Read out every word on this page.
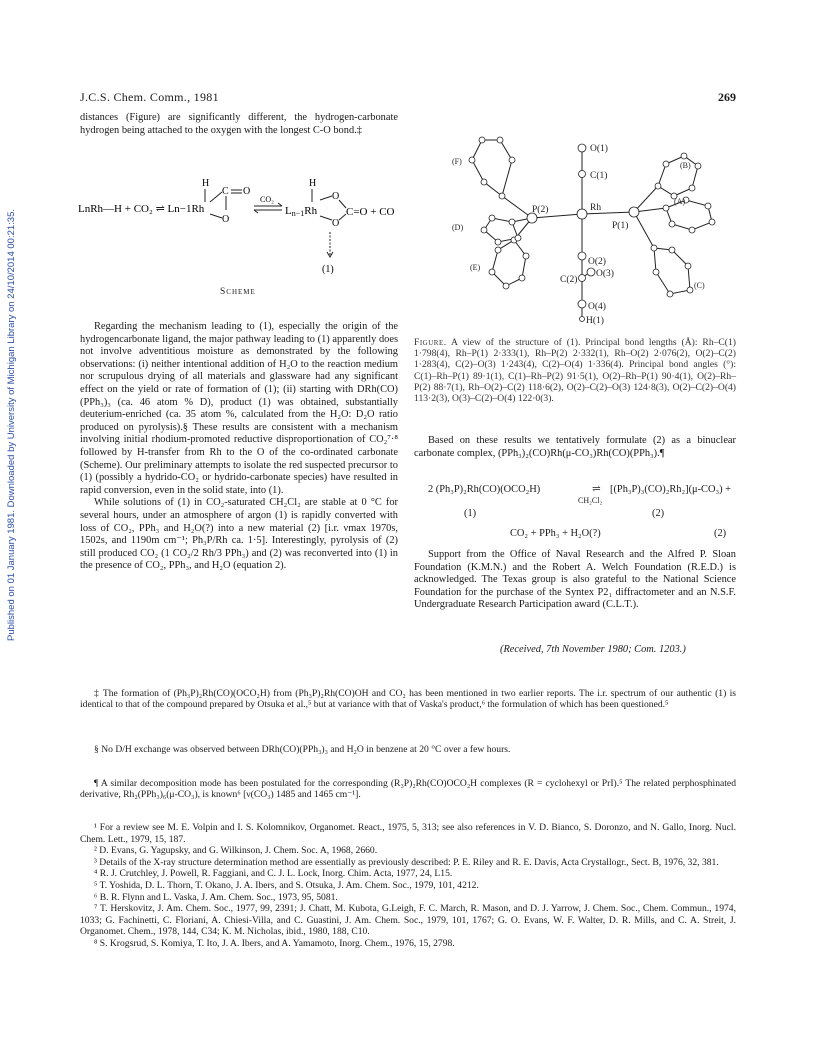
Published on 01 January 1981. Downloaded by University of Michigan Library on 24/10/2014 00:21:35.
J.C.S. Chem. Comm., 1981	269

distances (Figure) are significantly different, the hydrogen-carbonate hydrogen being attached to the oxygen with the longest C-O bond.‡

LnRh—H + CO₂ ⇌ Ln−1Rh
H
C O
O
CO₂
Ln−1Rh
H
O
O
C=O + CO
(1)
Scheme

Regarding the mechanism leading to (1), especially the origin of the hydrogencarbonate ligand, the major pathway leading to (1) apparently does not involve adventitious moisture as demonstrated by the following observations: (i) neither intentional addition of H₂O to the reaction medium nor scrupulous drying of all materials and glassware had any significant effect on the yield or rate of formation of (1); (ii) starting with DRh(CO)(PPh₃)₃ (ca. 46 atom % D), product (1) was obtained, substantially deuterium-enriched (ca. 35 atom %, calculated from the H₂O: D₂O ratio produced on pyrolysis).§ These results are consistent with a mechanism involving initial rhodium-promoted reductive disproportionation of CO₂⁷·⁸ followed by H-transfer from Rh to the O of the co-ordinated carbonate (Scheme). Our preliminary attempts to isolate the red suspected precursor to (1) (possibly a hydrido-CO₂ or hydrido-carbonate species) have resulted in rapid conversion, even in the solid state, into (1).

While solutions of (1) in CO₂-saturated CH₂Cl₂ are stable at 0 °C for several hours, under an atmosphere of argon (1) is rapidly converted with loss of CO₂, PPh₃ and H₂O(?) into a new material (2) [i.r. νmax 1970s, 1502s, and 1190m cm⁻¹; Ph₃P/Rh ca. 1·5]. Interestingly, pyrolysis of (2) still produced CO₂ (1 CO₂/2 Rh/3 PPh₃) and (2) was reconverted into (1) in the presence of CO₂, PPh₃, and H₂O (equation 2).

O(1)
C(1)
Rh
P(2)
P(1)
O(2)
C(2)
O(3)
O(4)
H(1)
(F)	(B)
(A)
(D)
(E)
(C)
Figure. A view of the structure of (1). Principal bond lengths (Å): Rh–C(1) 1·798(4), Rh–P(1) 2·333(1), Rh–P(2) 2·332(1), Rh–O(2) 2·076(2), O(2)–C(2) 1·283(4), C(2)–O(3) 1·243(4), C(2)–O(4) 1·336(4). Principal bond angles (°): C(1)–Rh–P(1) 89·1(1), C(1)–Rh–P(2) 91·5(1), O(2)–Rh–P(1) 90·4(1), O(2)–Rh–P(2) 88·7(1), Rh–O(2)–C(2) 118·6(2), O(2)–C(2)–O(3) 124·8(3), O(2)–C(2)–O(4) 113·2(3), O(3)–C(2)–O(4) 122·0(3).

Based on these results we tentatively formulate (2) as a binuclear carbonate complex, (PPh₃)₂(CO)Rh(μ-CO₃)Rh(CO)(PPh₃).¶

2 (Ph₃P)₂Rh(CO)(OCO₂H)	⇌ [(Ph₃P)₃(CO)₂Rh₂](μ-CO₃) +
CH₂Cl₂
(1)	(2)
CO₂ + PPh₃ + H₂O(?)	(2)

Support from the Office of Naval Research and the Alfred P. Sloan Foundation (K.M.N.) and the Robert A. Welch Foundation (R.E.D.) is acknowledged. The Texas group is also grateful to the National Science Foundation for the purchase of the Syntex P2₁ diffractometer and an N.S.F. Undergraduate Research Participation award (C.L.T.).

(Received, 7th November 1980; Com. 1203.)
‡ The formation of (Ph₃P)₂Rh(CO)(OCO₂H) from (Ph₃P)₂Rh(CO)OH and CO₂ has been mentioned in two earlier reports. The i.r. spectrum of our authentic (1) is identical to that of the compound prepared by Otsuka et al.,⁵ but at variance with that of Vaska's product,⁶ the formulation of which has been questioned.⁵
§ No D/H exchange was observed between DRh(CO)(PPh₃)₃ and H₂O in benzene at 20 °C over a few hours.
¶ A similar decomposition mode has been postulated for the corresponding (R₃P)₂Rh(CO)OCO₂H complexes (R = cyclohexyl or PrI).⁵ The related perphosphinated derivative, Rh₂(PPh₃)₆(μ-CO₃), is known⁶ [ν(CO₃) 1485 and 1465 cm⁻¹].

¹ For a review see M. E. Volpin and I. S. Kolomnikov, Organomet. React., 1975, 5, 313; see also references in V. D. Bianco, S. Doronzo, and N. Gallo, Inorg. Nucl. Chem. Lett., 1979, 15, 187.

² D. Evans, G. Yagupsky, and G. Wilkinson, J. Chem. Soc. A, 1968, 2660.

³ Details of the X-ray structure determination method are essentially as previously described: P. E. Riley and R. E. Davis, Acta Crystallogr., Sect. B, 1976, 32, 381.

⁴ R. J. Crutchley, J. Powell, R. Faggiani, and C. J. L. Lock, Inorg. Chim. Acta, 1977, 24, L15.

⁵ T. Yoshida, D. L. Thorn, T. Okano, J. A. Ibers, and S. Otsuka, J. Am. Chem. Soc., 1979, 101, 4212.

⁶ B. R. Flynn and L. Vaska, J. Am. Chem. Soc., 1973, 95, 5081.

⁷ T. Herskovitz, J. Am. Chem. Soc., 1977, 99, 2391; J. Chatt, M. Kubota, G.Leigh, F. C. March, R. Mason, and D. J. Yarrow, J. Chem. Soc., Chem. Commun., 1974, 1033; G. Fachinetti, C. Floriani, A. Chiesi-Villa, and C. Guastini, J. Am. Chem. Soc., 1979, 101, 1767; G. O. Evans, W. F. Walter, D. R. Mills, and C. A. Streit, J. Organomet. Chem., 1978, 144, C34; K. M. Nicholas, ibid., 1980, 188, C10.

⁸ S. Krogsrud, S. Komiya, T. Ito, J. A. Ibers, and A. Yamamoto, Inorg. Chem., 1976, 15, 2798.
